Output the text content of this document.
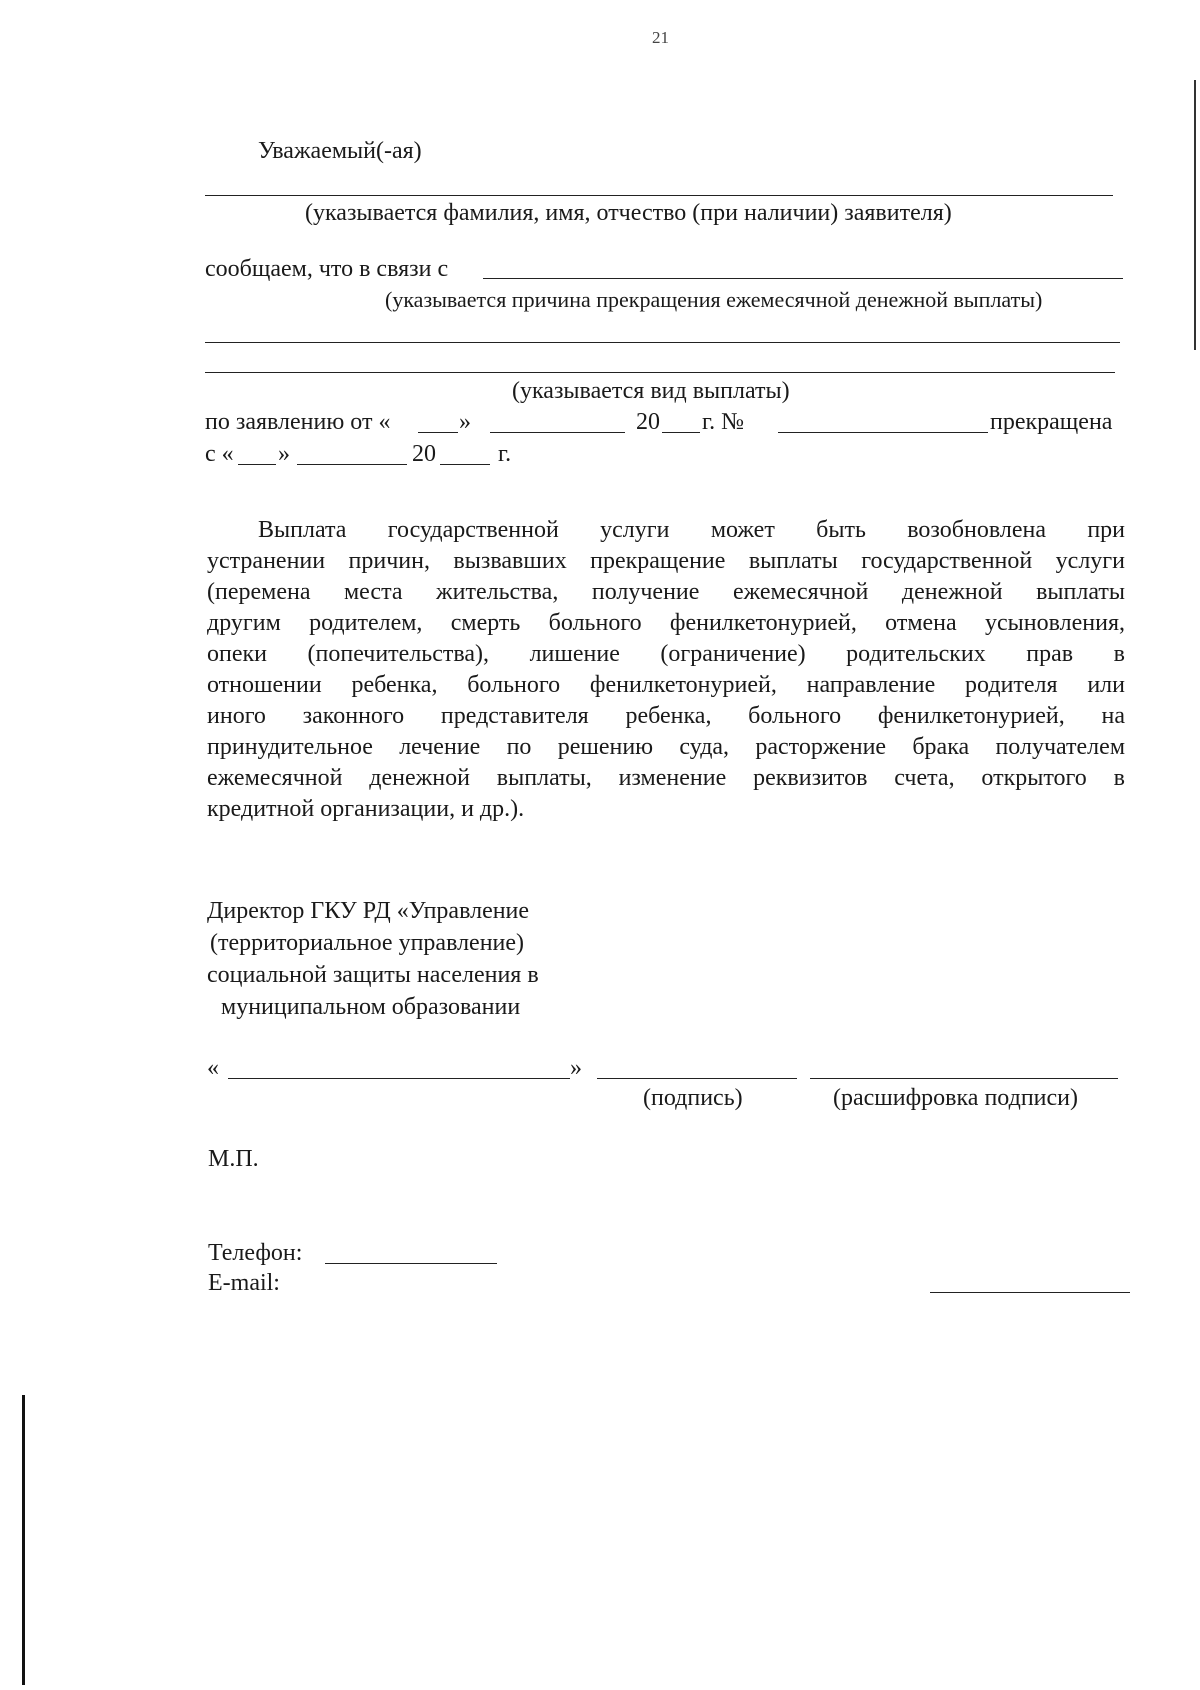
21
Уважаемый(-ая)
(указывается фамилия, имя, отчество (при наличии) заявителя)
сообщаем, что в связи с
(указывается причина прекращения ежемесячной денежной выплаты)
(указывается вид выплаты)
по заявлению от «	»	20 г. №	прекращена
с « »	20	г.
Выплата государственной услуги может быть возобновлена при
устранении причин, вызвавших прекращение выплаты государственной услуги
(перемена места жительства, получение ежемесячной денежной выплаты
другим родителем, смерть больного фенилкетонурией, отмена усыновления,
опеки (попечительства), лишение (ограничение) родительских прав в
отношении ребенка, больного фенилкетонурией, направление родителя или
иного законного представителя ребенка, больного фенилкетонурией, на
принудительное лечение по решению суда, расторжение брака получателем
ежемесячной денежной выплаты, изменение реквизитов счета, открытого в
кредитной организации, и др.).
Директор ГКУ РД «Управление
(территориальное управление)
социальной защиты населения в
муниципальном образовании
«	»
(подпись)	(расшифровка подписи)
М.П.
Телефон:
E-mail:
